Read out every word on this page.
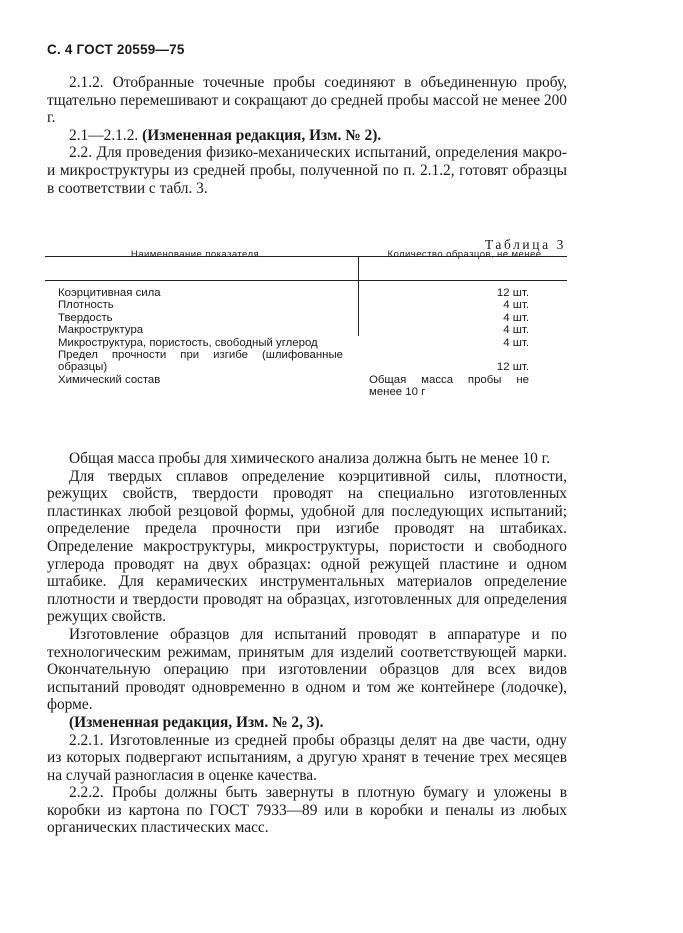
С. 4 ГОСТ 20559—75

2.1.2. Отобранные точечные пробы соединяют в объединенную пробу, тщательно перемешивают и сокращают до средней пробы массой не менее 200 г.

2.1—2.1.2. (Измененная редакция, Изм. № 2).

2.2. Для проведения физико-механических испытаний, определения макро- и микроструктуры из средней пробы, полученной по п. 2.1.2, готовят образцы в соответствии с табл. 3.

Таблица 3
Наименование показателя	Количество образцов, не менее
Коэрцитивная сила	12 шт.
Плотность	4 шт.
Твердость	4 шт.
Макроструктура	4 шт.
Микроструктура, пористость, свободный углерод	4 шт.
Предел прочности при изгибе (шлифованные образцы)	12 шт.
Химический состав	Общая масса пробы не менее 10 г

Общая масса пробы для химического анализа должна быть не менее 10 г.

Для твердых сплавов определение коэрцитивной силы, плотности, режущих свойств, твердости проводят на специально изготовленных пластинках любой резцовой формы, удобной для последующих испытаний; определение предела прочности при изгибе проводят на штабиках. Определение макроструктуры, микроструктуры, пористости и свободного углерода проводят на двух образцах: одной режущей пластине и одном штабике. Для керамических инструментальных материалов определение плотности и твердости проводят на образцах, изготовленных для определения режущих свойств.

Изготовление образцов для испытаний проводят в аппаратуре и по технологическим режимам, принятым для изделий соответствующей марки. Окончательную операцию при изготовлении образцов для всех видов испытаний проводят одновременно в одном и том же контейнере (лодочке), форме.

(Измененная редакция, Изм. № 2, 3).

2.2.1. Изготовленные из средней пробы образцы делят на две части, одну из которых подвергают испытаниям, а другую хранят в течение трех месяцев на случай разногласия в оценке качества.

2.2.2. Пробы должны быть завернуты в плотную бумагу и уложены в коробки из картона по ГОСТ 7933—89 или в коробки и пеналы из любых органических пластических масс.
